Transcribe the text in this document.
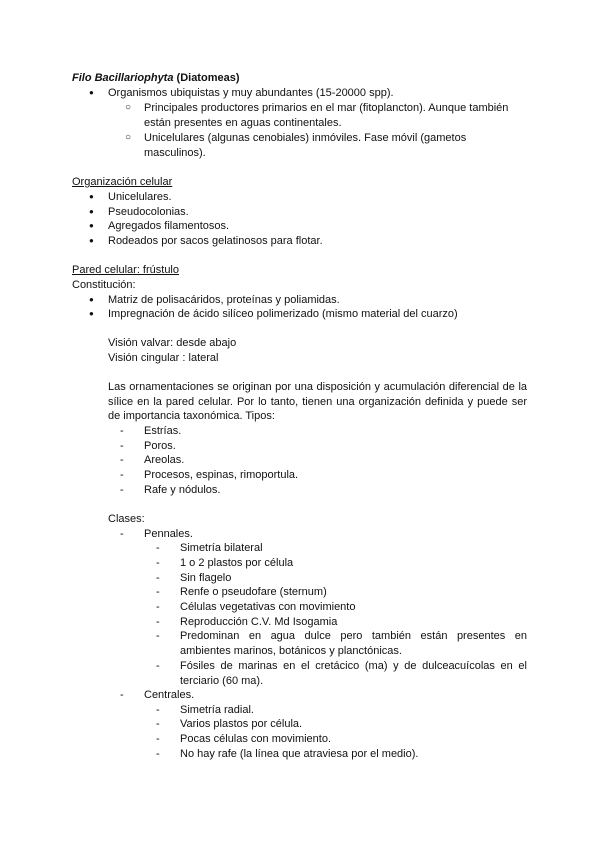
Filo Bacillariophyta (Diatomeas)
● Organismos ubiquistas y muy abundantes (15-20000 spp).
○ Principales productores primarios en el mar (fitoplancton). Aunque también
están presentes en aguas continentales.
○ Unicelulares (algunas cenobiales) inmóviles. Fase móvil (gametos
masculinos).
Organización celular
● Unicelulares.
● Pseudocolonias.
● Agregados filamentosos.
● Rodeados por sacos gelatinosos para flotar.
Pared celular: frústulo
Constitución:
● Matriz de polisacáridos, proteínas y poliamidas.
● Impregnación de ácido silíceo polimerizado (mismo material del cuarzo)
Visión valvar: desde abajo
Visión cingular : lateral
Las ornamentaciones se originan por una disposición y acumulación diferencial de la
sílice en la pared celular. Por lo tanto, tienen una organización definida y puede ser
de importancia taxonómica. Tipos:
- Estrías.
- Poros.
- Areolas.
- Procesos, espinas, rimoportula.
- Rafe y nódulos.
Clases:
- Pennales.
- Simetría bilateral
- 1 o 2 plastos por célula
- Sin flagelo
- Renfe o pseudofare (sternum)
- Células vegetativas con movimiento
- Reproducción C.V. Md Isogamia
- Predominan en agua dulce pero también están presentes en
ambientes marinos, botánicos y planctónicas.
- Fósiles de marinas en el cretácico (ma) y de dulceacuícolas en el
terciario (60 ma).
- Centrales.
- Simetría radial.
- Varios plastos por célula.
- Pocas células con movimiento.
- No hay rafe (la línea que atraviesa por el medio).
